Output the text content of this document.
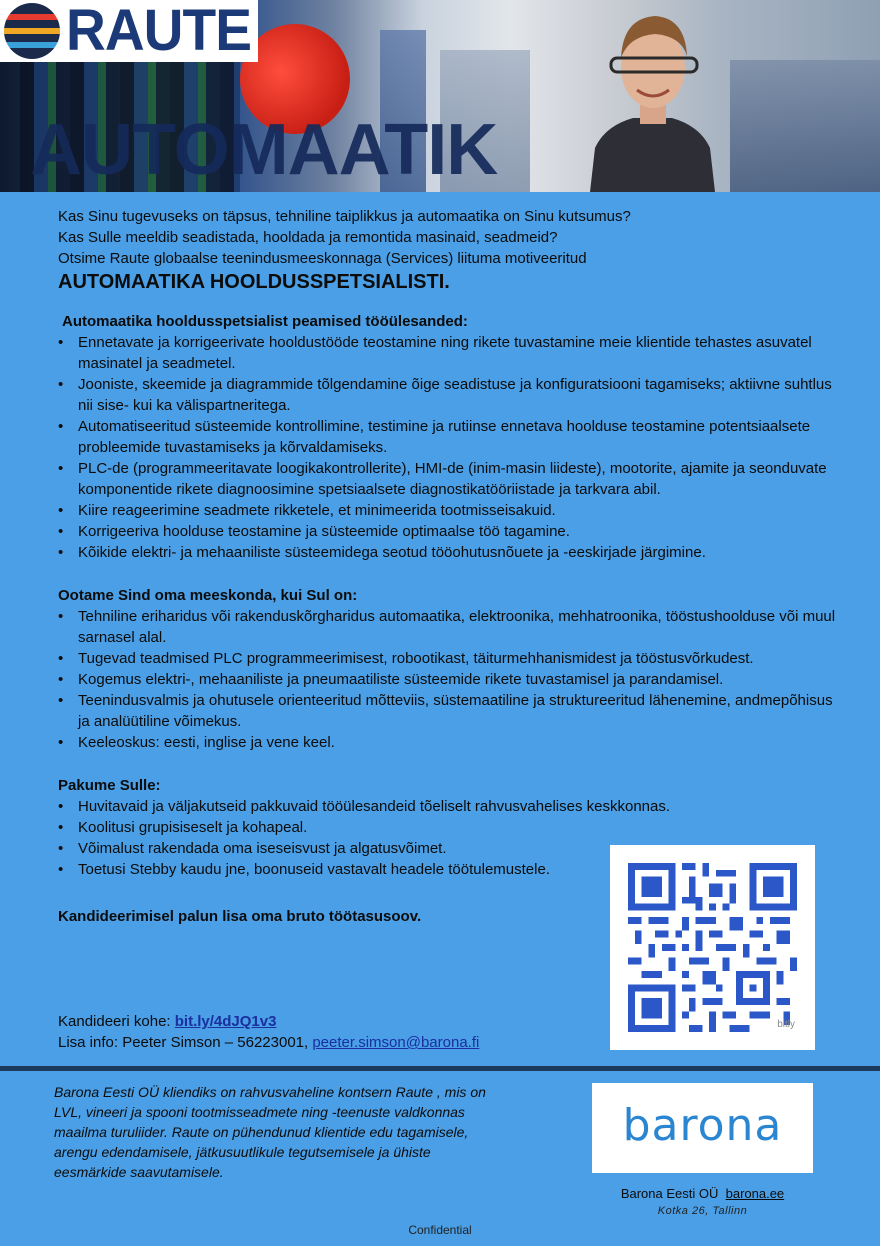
RAUTE
AUTOMAATIK

Kas Sinu tugevuseks on täpsus, tehniline taiplikkus ja automaatika on Sinu kutsumus?

Kas Sulle meeldib seadistada, hooldada ja remontida masinaid, seadmeid?

Otsime Raute globaalse teenindusmeeskonnaga (Services) liituma motiveeritud

AUTOMAATIKA HOOLDUSSPETSIALISTI.

Automaatika hooldusspetsialist peamised tööülesanded:

• Ennetavate ja korrigeerivate hooldustööde teostamine ning rikete tuvastamine meie klientide tehastes asuvatel masinatel ja seadmetel.
• Jooniste, skeemide ja diagrammide tõlgendamine õige seadistuse ja konfiguratsiooni tagamiseks; aktiivne suhtlus nii sise- kui ka välispartneritega.
• Automatiseeritud süsteemide kontrollimine, testimine ja rutiinse ennetava hoolduse teostamine potentsiaalsete probleemide tuvastamiseks ja kõrvaldamiseks.
• PLC-de (programmeeritavate loogikakontrollerite), HMI-de (inim-masin liideste), mootorite, ajamite ja seonduvate komponentide rikete diagnoosimine spetsiaalsete diagnostikatööriistade ja tarkvara abil.
• Kiire reageerimine seadmete rikketele, et minimeerida tootmisseisakuid.
• Korrigeeriva hoolduse teostamine ja süsteemide optimaalse töö tagamine.
• Kõikide elektri- ja mehaaniliste süsteemidega seotud tööohutusnõuete ja -eeskirjade järgimine.

Ootame Sind oma meeskonda, kui Sul on:

• Tehniline eriharidus või rakenduskõrgharidus automaatika, elektroonika, mehhatroonika, tööstushoolduse või muul sarnasel alal.
• Tugevad teadmised PLC programmeerimisest, robootikast, täiturmehhanismidest ja tööstusvõrkudest.
• Kogemus elektri-, mehaaniliste ja pneumaatiliste süsteemide rikete tuvastamisel ja parandamisel.
• Teenindusvalmis ja ohutusele orienteeritud mõtteviis, süstemaatiline ja struktureeritud lähenemine, andmepõhisus ja analüütiline võimekus.
• Keeleoskus: eesti, inglise ja vene keel.

Pakume Sulle:

• Huvitavaid ja väljakutseid pakkuvaid tööülesandeid tõeliselt rahvusvahelises keskkonnas.
• Koolitusi grupisiseselt ja kohapeal.
• Võimalust rakendada oma iseseisvust ja algatusvõimet.
• Toetusi Stebby kaudu jne, boonuseid vastavalt headele töötulemustele.

Kandideerimisel palun lisa oma bruto töötasusoov.

Kandideeri kohe: bit.ly/4dJQ1v3
Lisa info: Peeter Simson – 56223001, peeter.simson@barona.fi
bitly
Barona Eesti OÜ kliendiks on rahvusvaheline kontsern Raute , mis on LVL, vineeri ja spooni tootmisseadmete ning -teenuste valdkonnas maailma turuliider. Raute on pühendunud klientide edu tagamisele, arengu edendamisele, jätkusuutlikule tegutsemisele ja ühiste eesmärkide saavutamisele.
barona
Barona Eesti OÜ barona.ee
Kotka 26, Tallinn
Confidential
